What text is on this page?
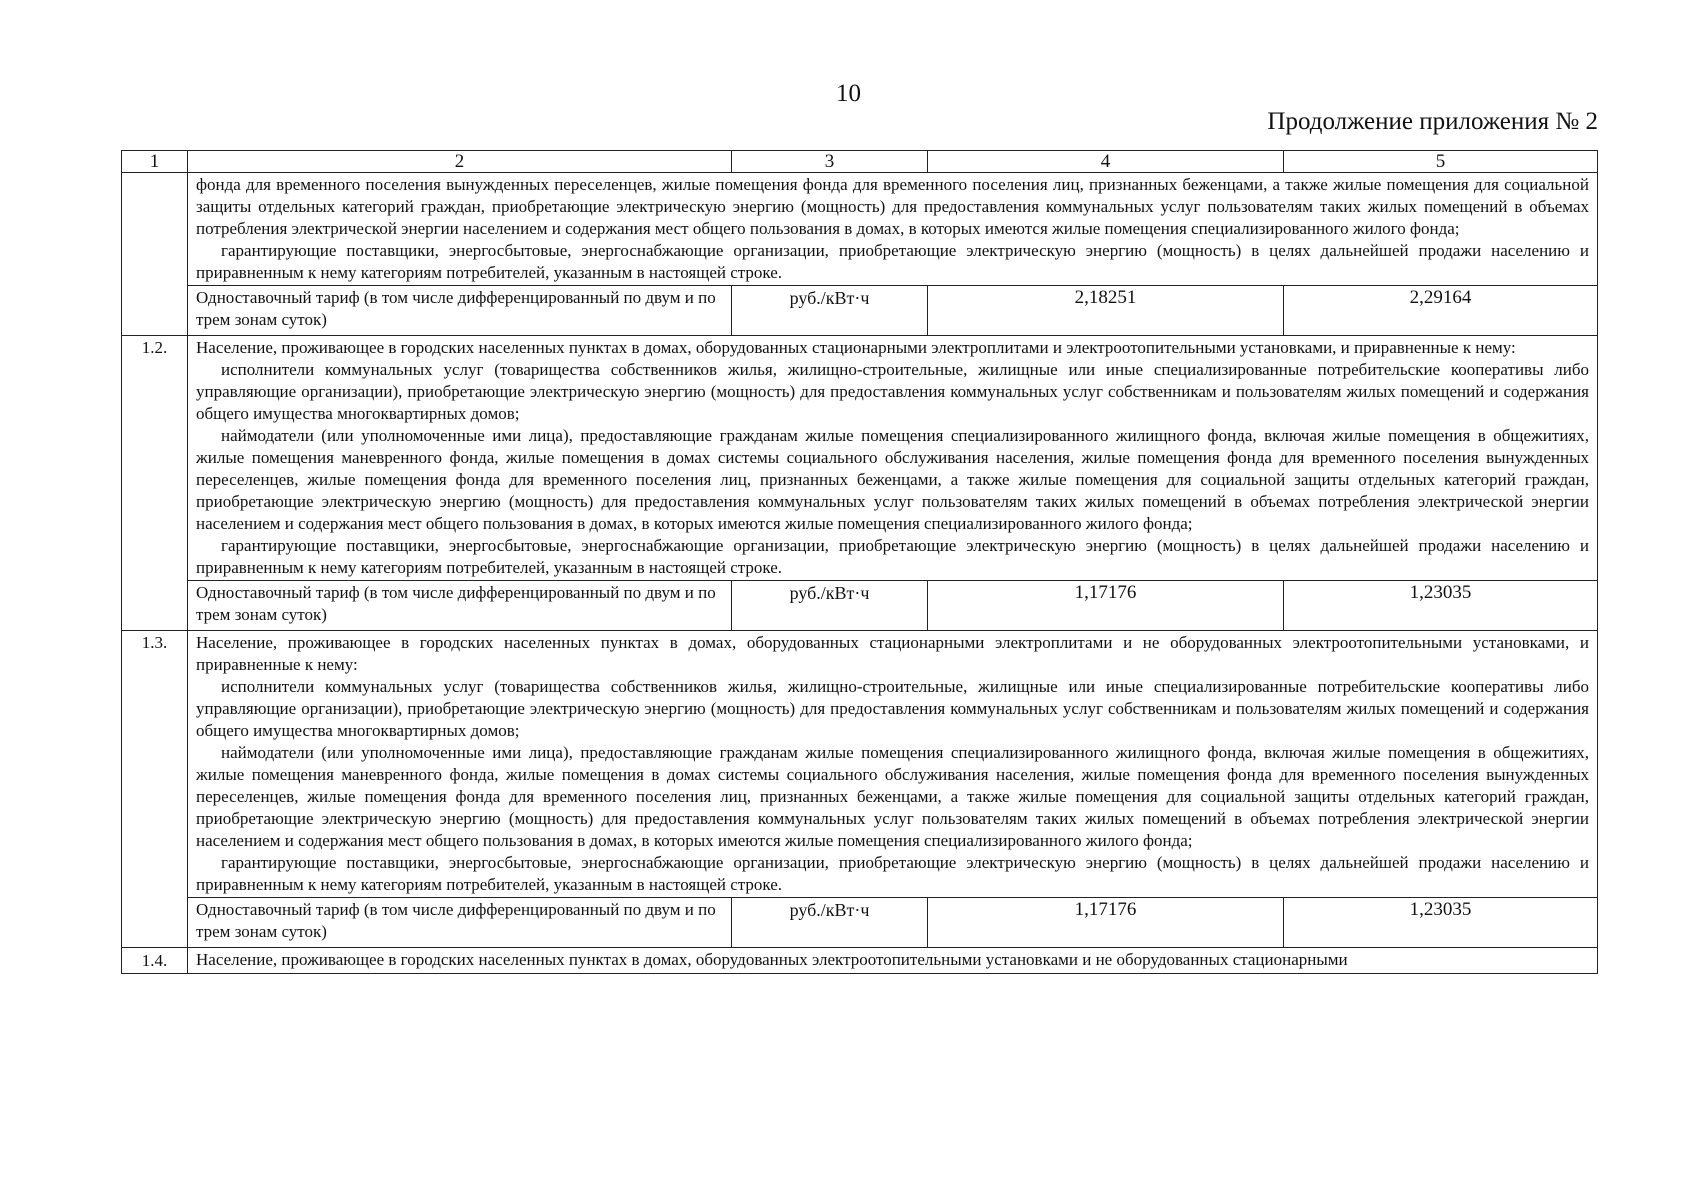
10
Продолжение приложения № 2
1	2	3	4	5

	фонда для временного поселения вынужденных переселенцев, жилые помещения фонда для временного поселения лиц, признанных беженцами, а также жилые помещения для социальной защиты отдельных категорий граждан, приобретающие электрическую энергию (мощность) для предоставления коммунальных услуг пользователям таких жилых помещений в объемах потребления электрической энергии населением и содержания мест общего пользования в домах, в которых имеются жилые помещения специализированного жилого фонда;

гарантирующие поставщики, энергосбытовые, энергоснабжающие организации, приобретающие электрическую энергию (мощность) в целях дальнейшей продажи населению и приравненным к нему категориям потребителей, указанным в настоящей строке.			

	Одноставочный тариф (в том числе дифференцированный по двум и по трем зонам суток)	руб./кВт·ч	2,18251	2,29164
1.2.	Население, проживающее в городских населенных пунктах в домах, оборудованных стационарными электроплитами и электроотопительными установками, и приравненные к нему:

исполнители коммунальных услуг (товарищества собственников жилья, жилищно-строительные, жилищные или иные специализированные потребительские кооперативы либо управляющие организации), приобретающие электрическую энергию (мощность) для предоставления коммунальных услуг собственникам и пользователям жилых помещений и содержания общего имущества многоквартирных домов;

наймодатели (или уполномоченные ими лица), предоставляющие гражданам жилые помещения специализированного жилищного фонда, включая жилые помещения в общежитиях, жилые помещения маневренного фонда, жилые помещения в домах системы социального обслуживания населения, жилые помещения фонда для временного поселения вынужденных переселенцев, жилые помещения фонда для временного поселения лиц, признанных беженцами, а также жилые помещения для социальной защиты отдельных категорий граждан, приобретающие электрическую энергию (мощность) для предоставления коммунальных услуг пользователям таких жилых помещений в объемах потребления электрической энергии населением и содержания мест общего пользования в домах, в которых имеются жилые помещения специализированного жилого фонда;

гарантирующие поставщики, энергосбытовые, энергоснабжающие организации, приобретающие электрическую энергию (мощность) в целях дальнейшей продажи населению и приравненным к нему категориям потребителей, указанным в настоящей строке.			

	Одноставочный тариф (в том числе дифференцированный по двум и по трем зонам суток)	руб./кВт·ч	1,17176	1,23035
1.3.	Население, проживающее в городских населенных пунктах в домах, оборудованных стационарными электроплитами и не оборудованных электроотопительными установками, и приравненные к нему:

исполнители коммунальных услуг (товарищества собственников жилья, жилищно-строительные, жилищные или иные специализированные потребительские кооперативы либо управляющие организации), приобретающие электрическую энергию (мощность) для предоставления коммунальных услуг собственникам и пользователям жилых помещений и содержания общего имущества многоквартирных домов;

наймодатели (или уполномоченные ими лица), предоставляющие гражданам жилые помещения специализированного жилищного фонда, включая жилые помещения в общежитиях, жилые помещения маневренного фонда, жилые помещения в домах системы социального обслуживания населения, жилые помещения фонда для временного поселения вынужденных переселенцев, жилые помещения фонда для временного поселения лиц, признанных беженцами, а также жилые помещения для социальной защиты отдельных категорий граждан, приобретающие электрическую энергию (мощность) для предоставления коммунальных услуг пользователям таких жилых помещений в объемах потребления электрической энергии населением и содержания мест общего пользования в домах, в которых имеются жилые помещения специализированного жилого фонда;

гарантирующие поставщики, энергосбытовые, энергоснабжающие организации, приобретающие электрическую энергию (мощность) в целях дальнейшей продажи населению и приравненным к нему категориям потребителей, указанным в настоящей строке.			

	Одноставочный тариф (в том числе дифференцированный по двум и по трем зонам суток)	руб./кВт·ч	1,17176	1,23035
1.4.	Население, проживающее в городских населенных пунктах в домах, оборудованных электроотопительными установками и не оборудованных стационарными			
